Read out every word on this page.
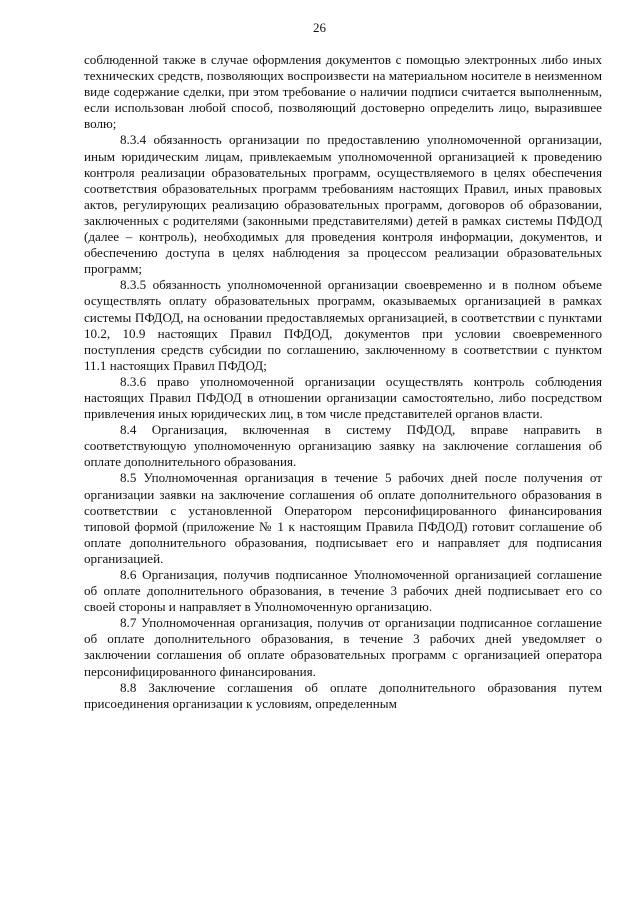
26

соблюденной также в случае оформления документов с помощью электронных либо иных технических средств, позволяющих воспроизвести на материальном носителе в неизменном виде содержание сделки, при этом требование о наличии подписи считается выполненным, если использован любой способ, позволяющий достоверно определить лицо, выразившее волю;

8.3.4 обязанность организации по предоставлению уполномоченной организации, иным юридическим лицам, привлекаемым уполномоченной организацией к проведению контроля реализации образовательных программ, осуществляемого в целях обеспечения соответствия образовательных программ требованиям настоящих Правил, иных правовых актов, регулирующих реализацию образовательных программ, договоров об образовании, заключенных с родителями (законными представителями) детей в рамках системы ПФДОД (далее – контроль), необходимых для проведения контроля информации, документов, и обеспечению доступа в целях наблюдения за процессом реализации образовательных программ;

8.3.5 обязанность уполномоченной организации своевременно и в полном объеме осуществлять оплату образовательных программ, оказываемых организацией в рамках системы ПФДОД, на основании предоставляемых организацией, в соответствии с пунктами 10.2, 10.9 настоящих Правил ПФДОД, документов при условии своевременного поступления средств субсидии по соглашению, заключенному в соответствии с пунктом 11.1 настоящих Правил ПФДОД;

8.3.6 право уполномоченной организации осуществлять контроль соблюдения настоящих Правил ПФДОД в отношении организации самостоятельно, либо посредством привлечения иных юридических лиц, в том числе представителей органов власти.

8.4 Организация, включенная в систему ПФДОД, вправе направить в соответствующую уполномоченную организацию заявку на заключение соглашения об оплате дополнительного образования.

8.5 Уполномоченная организация в течение 5 рабочих дней после получения от организации заявки на заключение соглашения об оплате дополнительного образования в соответствии с установленной Оператором персонифицированного финансирования типовой формой (приложение № 1 к настоящим Правила ПФДОД) готовит соглашение об оплате дополнительного образования, подписывает его и направляет для подписания организацией.

8.6 Организация, получив подписанное Уполномоченной организацией соглашение об оплате дополнительного образования, в течение 3 рабочих дней подписывает его со своей стороны и направляет в Уполномоченную организацию.

8.7 Уполномоченная организация, получив от организации подписанное соглашение об оплате дополнительного образования, в течение 3 рабочих дней уведомляет о заключении соглашения об оплате образовательных программ с организацией оператора персонифицированного финансирования.

8.8 Заключение соглашения об оплате дополнительного образования путем присоединения организации к условиям, определенным
